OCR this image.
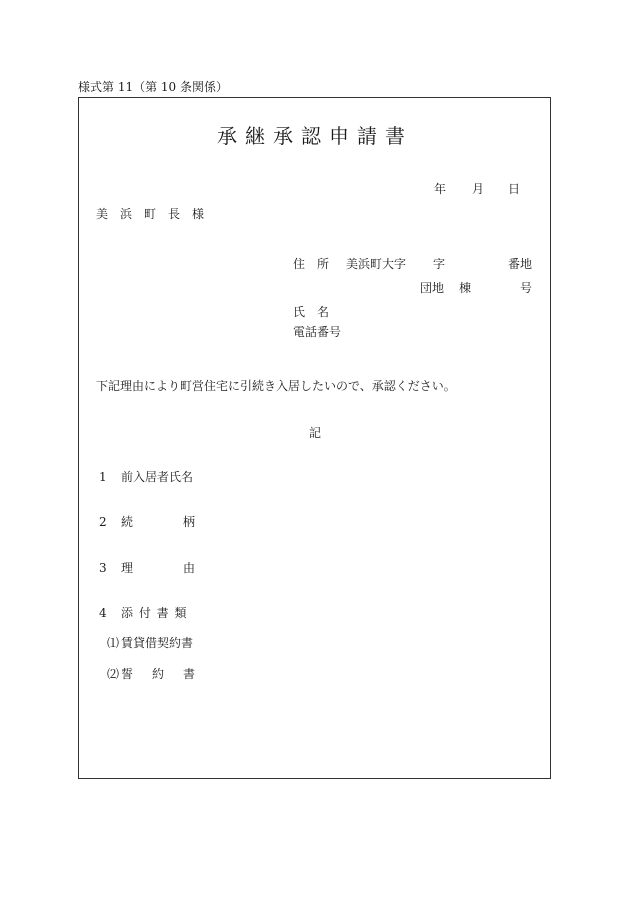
様式第 11（第 10 条関係）
承継承認申請書
年 月 日
美　浜　町　長　様
住　所 美浜町大字 字	番地
団地 棟	号
氏　名
電話番号
下記理由により町営住宅に引続き入居したいので、承認ください。
記
1 前入居者氏名
2 続	柄
3 理	由
4 添 付 書 類
⑴ 賃貸借契約書
⑵ 誓 約 書
